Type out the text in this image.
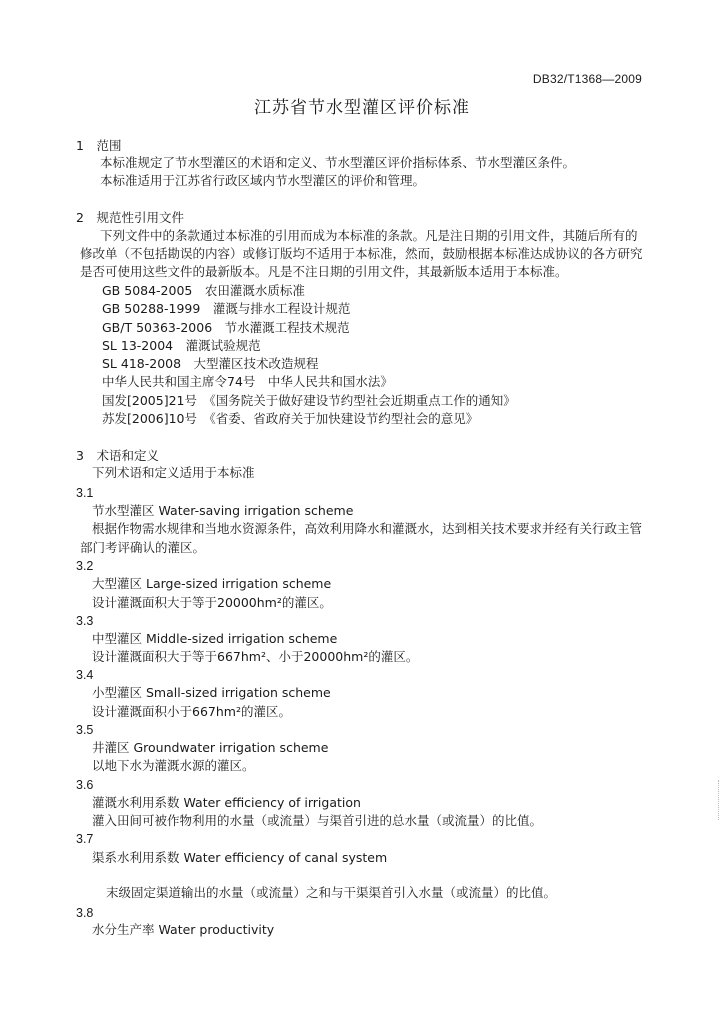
DB32/T1368—2009
江苏省节水型灌区评价标准
1　范围
本标准规定了节水型灌区的术语和定义、节水型灌区评价指标体系、节水型灌区条件。
本标准适用于江苏省行政区域内节水型灌区的评价和管理。
2　规范性引用文件
下列文件中的条款通过本标准的引用而成为本标准的条款。凡是注日期的引用文件，其随后所有的
修改单（不包括勘误的内容）或修订版均不适用于本标准，然而，鼓励根据本标准达成协议的各方研究
是否可使用这些文件的最新版本。凡是不注日期的引用文件，其最新版本适用于本标准。
GB 5084-2005　农田灌溉水质标准
GB 50288-1999　灌溉与排水工程设计规范
GB/T 50363-2006　节水灌溉工程技术规范
SL 13-2004　灌溉试验规范
SL 418-2008　大型灌区技术改造规程
中华人民共和国主席令74号　中华人民共和国水法》
国发[2005]21号　《国务院关于做好建设节约型社会近期重点工作的通知》
苏发[2006]10号　《省委、省政府关于加快建设节约型社会的意见》
3　术语和定义
下列术语和定义适用于本标准
3.1
节水型灌区 Water-saving irrigation scheme
根据作物需水规律和当地水资源条件，高效利用降水和灌溉水，达到相关技术要求并经有关行政主管
部门考评确认的灌区。
3.2
大型灌区 Large-sized irrigation scheme
设计灌溉面积大于等于20000hm²的灌区。
3.3
中型灌区 Middle-sized irrigation scheme
设计灌溉面积大于等于667hm²、小于20000hm²的灌区。
3.4
小型灌区 Small-sized irrigation scheme
设计灌溉面积小于667hm²的灌区。
3.5
井灌区 Groundwater irrigation scheme
以地下水为灌溉水源的灌区。
3.6
灌溉水利用系数 Water efficiency of irrigation
灌入田间可被作物利用的水量（或流量）与渠首引进的总水量（或流量）的比值。
3.7
渠系水利用系数 Water efficiency of canal system
末级固定渠道输出的水量（或流量）之和与干渠渠首引入水量（或流量）的比值。
3.8
水分生产率 Water productivity
